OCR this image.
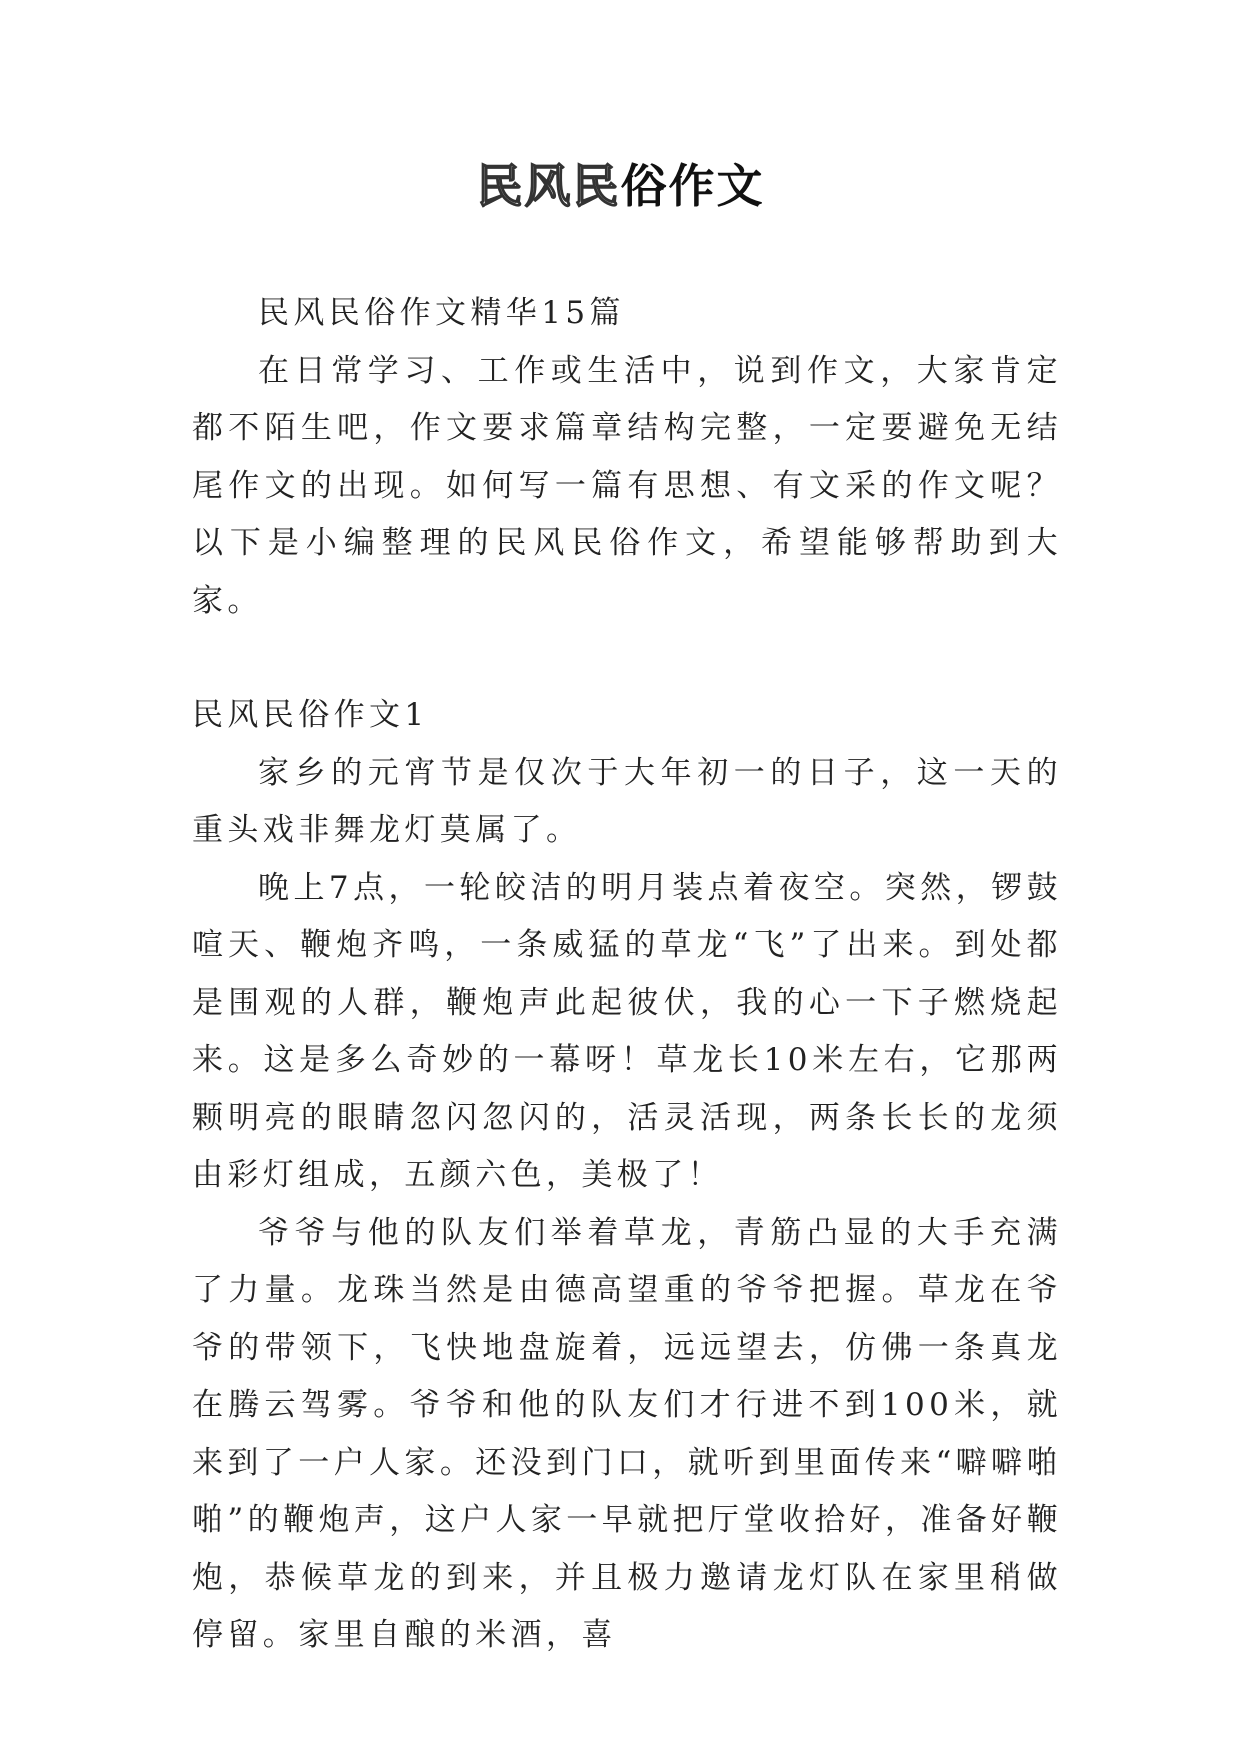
民风民俗作文

民风民俗作文精华15篇

在日常学习、工作或生活中，说到作文，大家肯定都不陌生吧，作文要求篇章结构完整，一定要避免无结尾作文的出现。如何写一篇有思想、有文采的作文呢？以下是小编整理的民风民俗作文，希望能够帮助到大家。

民风民俗作文1

家乡的元宵节是仅次于大年初一的日子，这一天的重头戏非舞龙灯莫属了。

晚上7点，一轮皎洁的明月装点着夜空。突然，锣鼓喧天、鞭炮齐鸣，一条威猛的草龙“飞”了出来。到处都是围观的人群，鞭炮声此起彼伏，我的心一下子燃烧起来。这是多么奇妙的一幕呀！草龙长10米左右，它那两颗明亮的眼睛忽闪忽闪的，活灵活现，两条长长的龙须由彩灯组成，五颜六色，美极了！

爷爷与他的队友们举着草龙，青筋凸显的大手充满了力量。龙珠当然是由德高望重的爷爷把握。草龙在爷爷的带领下，飞快地盘旋着，远远望去，仿佛一条真龙在腾云驾雾。爷爷和他的队友们才行进不到100米，就来到了一户人家。还没到门口，就听到里面传来“噼噼啪啪”的鞭炮声，这户人家一早就把厅堂收拾好，准备好鞭炮，恭候草龙的到来，并且极力邀请龙灯队在家里稍做停留。家里自酿的米酒，喜
